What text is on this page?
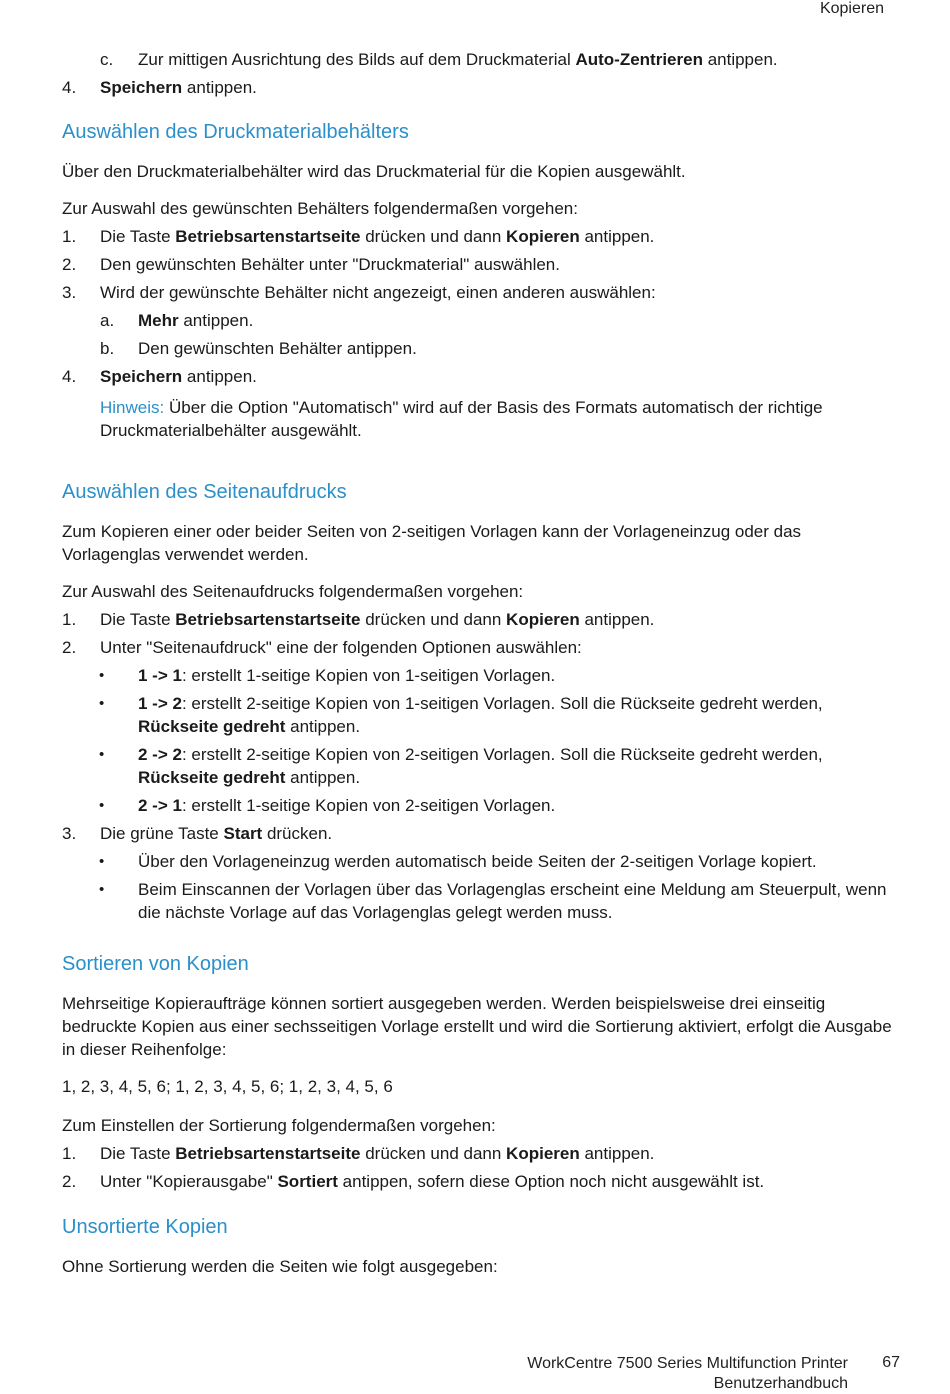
Kopieren
c. Zur mittigen Ausrichtung des Bilds auf dem Druckmaterial Auto-Zentrieren antippen.
4. Speichern antippen.
Auswählen des Druckmaterialbehälters

Über den Druckmaterialbehälter wird das Druckmaterial für die Kopien ausgewählt.

Zur Auswahl des gewünschten Behälters folgendermaßen vorgehen:

1. Die Taste Betriebsartenstartseite drücken und dann Kopieren antippen.
2. Den gewünschten Behälter unter "Druckmaterial" auswählen.
3. Wird der gewünschte Behälter nicht angezeigt, einen anderen auswählen:
a. Mehr antippen.
b. Den gewünschten Behälter antippen.
4. Speichern antippen.
Hinweis: Über die Option "Automatisch" wird auf der Basis des Formats automatisch der richtige Druckmaterialbehälter ausgewählt.
Auswählen des Seitenaufdrucks

Zum Kopieren einer oder beider Seiten von 2-seitigen Vorlagen kann der Vorlageneinzug oder das Vorlagenglas verwendet werden.

Zur Auswahl des Seitenaufdrucks folgendermaßen vorgehen:

1. Die Taste Betriebsartenstartseite drücken und dann Kopieren antippen.
2. Unter "Seitenaufdruck" eine der folgenden Optionen auswählen:
• 1 -> 1: erstellt 1-seitige Kopien von 1-seitigen Vorlagen.
• 1 -> 2: erstellt 2-seitige Kopien von 1-seitigen Vorlagen. Soll die Rückseite gedreht werden, Rückseite gedreht antippen.
• 2 -> 2: erstellt 2-seitige Kopien von 2-seitigen Vorlagen. Soll die Rückseite gedreht werden, Rückseite gedreht antippen.
• 2 -> 1: erstellt 1-seitige Kopien von 2-seitigen Vorlagen.
3. Die grüne Taste Start drücken.
• Über den Vorlageneinzug werden automatisch beide Seiten der 2-seitigen Vorlage kopiert.
• Beim Einscannen der Vorlagen über das Vorlagenglas erscheint eine Meldung am Steuerpult, wenn die nächste Vorlage auf das Vorlagenglas gelegt werden muss.
Sortieren von Kopien

Mehrseitige Kopieraufträge können sortiert ausgegeben werden. Werden beispielsweise drei einseitig bedruckte Kopien aus einer sechsseitigen Vorlage erstellt und wird die Sortierung aktiviert, erfolgt die Ausgabe in dieser Reihenfolge:

1, 2, 3, 4, 5, 6; 1, 2, 3, 4, 5, 6; 1, 2, 3, 4, 5, 6

Zum Einstellen der Sortierung folgendermaßen vorgehen:

1. Die Taste Betriebsartenstartseite drücken und dann Kopieren antippen.
2. Unter "Kopierausgabe" Sortiert antippen, sofern diese Option noch nicht ausgewählt ist.
Unsortierte Kopien

Ohne Sortierung werden die Seiten wie folgt ausgegeben:

WorkCentre 7500 Series Multifunction Printer
Benutzerhandbuch
67
